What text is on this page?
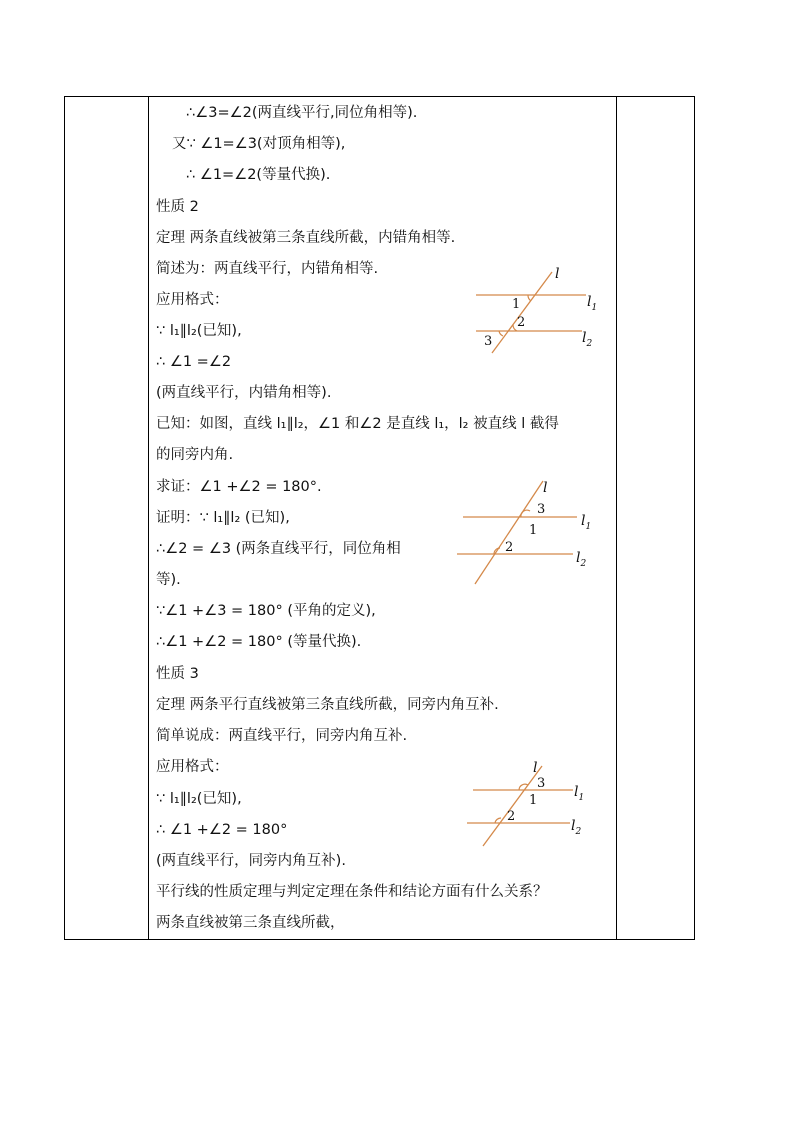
∴∠3=∠2(两直线平行,同位角相等).
又∵ ∠1=∠3(对顶角相等),
∴ ∠1=∠2(等量代换).
性质 2
定理 两条直线被第三条直线所截，内错角相等.
简述为：两直线平行，内错角相等.
应用格式：
∵ l₁∥l₂(已知),
∴ ∠1 =∠2
(两直线平行，内错角相等).
已知：如图，直线 l₁∥l₂，∠1 和∠2 是直线 l₁，l₂ 被直线 l 截得
的同旁内角.
求证：∠1 +∠2 = 180°.
证明：∵ l₁∥l₂ (已知),
∴∠2 = ∠3 (两条直线平行，同位角相
等).
∵∠1 +∠3 = 180° (平角的定义),
∴∠1 +∠2 = 180° (等量代换).
性质 3
定理 两条平行直线被第三条直线所截，同旁内角互补.
简单说成：两直线平行，同旁内角互补.
应用格式：
∵ l₁∥l₂(已知),
∴ ∠1 +∠2 = 180°
(两直线平行，同旁内角互补).
平行线的性质定理与判定定理在条件和结论方面有什么关系？
两条直线被第三条直线所截，
l
1
2
3
$l_1$
$l_2$
l
3
1
2
$l_1$
$l_2$
l
3
1
2
$l_1$
$l_2$
